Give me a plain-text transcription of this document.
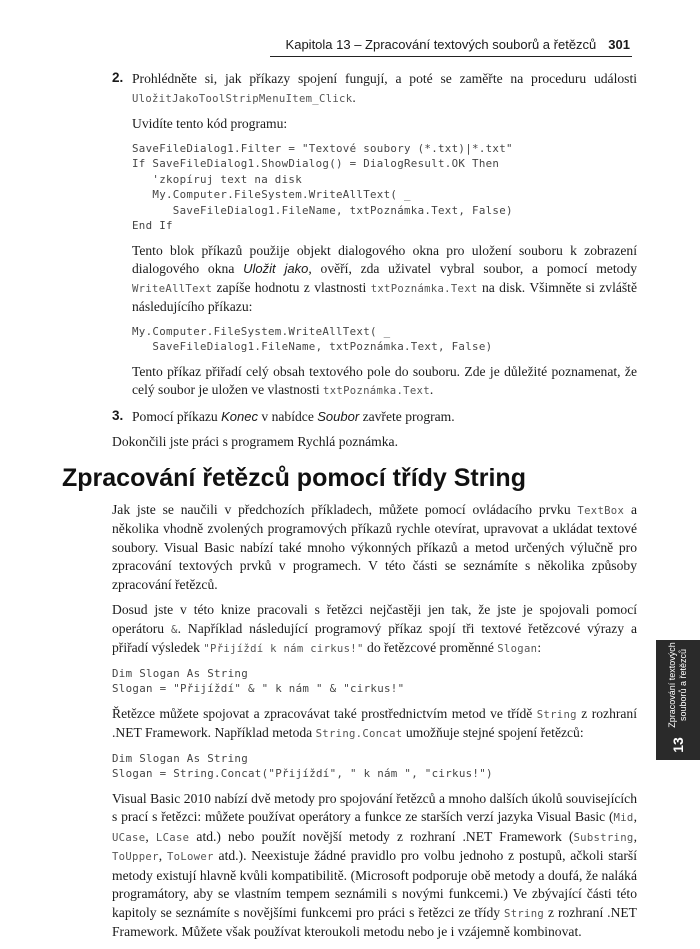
Kapitola 13 – Zpracování textových souborů a řetězců 301
2. Prohlédněte si, jak příkazy spojení fungují, a poté se zaměřte na proceduru události UložitJakoToolStripMenuItem_Click.

Uvidíte tento kód programu:

SaveFileDialog1.Filter = "Textové soubory (*.txt)|*.txt"
If SaveFileDialog1.ShowDialog() = DialogResult.OK Then
'zkopíruj text na disk
My.Computer.FileSystem.WriteAllText( _
SaveFileDialog1.FileName, txtPoznámka.Text, False)
End If

Tento blok příkazů použije objekt dialogového okna pro uložení souboru k zobrazení dialogového okna Uložit jako, ověří, zda uživatel vybral soubor, a pomocí metody WriteAllText zapíše hodnotu z vlastnosti txtPoznámka.Text na disk. Všimněte si zvláště následujícího příkazu:

My.Computer.FileSystem.WriteAllText( _
SaveFileDialog1.FileName, txtPoznámka.Text, False)

Tento příkaz přiřadí celý obsah textového pole do souboru. Zde je důležité poznamenat, že celý soubor je uložen ve vlastnosti txtPoznámka.Text.

3. Pomocí příkazu Konec v nabídce Soubor zavřete program.

Dokončili jste práci s programem Rychlá poznámka.

Zpracování řetězců pomocí třídy String

Jak jste se naučili v předchozích příkladech, můžete pomocí ovládacího prvku TextBox a několika vhodně zvolených programových příkazů rychle otevírat, upravovat a ukládat textové soubory. Visual Basic nabízí také mnoho výkonných příkazů a metod určených výlučně pro zpracování textových prvků v programech. V této části se seznámíte s několika způsoby zpracování řetězců.

Dosud jste v této knize pracovali s řetězci nejčastěji jen tak, že jste je spojovali pomocí operátoru &. Například následující programový příkaz spojí tři textové řetězcové výrazy a přiřadí výsledek "Přijíždí k nám cirkus!" do řetězcové proměnné Slogan:

Dim Slogan As String
Slogan = "Přijíždí" & " k nám " & "cirkus!"

Řetězce můžete spojovat a zpracovávat také prostřednictvím metod ve třídě String z rozhraní .NET Framework. Například metoda String.Concat umožňuje stejné spojení řetězců:

Dim Slogan As String
Slogan = String.Concat("Přijíždí", " k nám ", "cirkus!")

Visual Basic 2010 nabízí dvě metody pro spojování řetězců a mnoho dalších úkolů souvisejících s prací s řetězci: můžete používat operátory a funkce ze starších verzí jazyka Visual Basic (Mid, UCase, LCase atd.) nebo použít novější metody z rozhraní .NET Framework (Substring, ToUpper, ToLower atd.). Neexistuje žádné pravidlo pro volbu jednoho z postupů, ačkoli starší metody existují hlavně kvůli kompatibilitě. (Microsoft podporuje obě metody a doufá, že naláká programátory, aby se vlastním tempem seznámili s novými funkcemi.) Ve zbývající části této kapitoly se seznámíte s novějšími funkcemi pro práci s řetězci ze třídy String z rozhraní .NET Framework. Můžete však používat kteroukoli metodu nebo je i vzájemně kombinovat.

Zpracování textových souborů a řetězců
13
